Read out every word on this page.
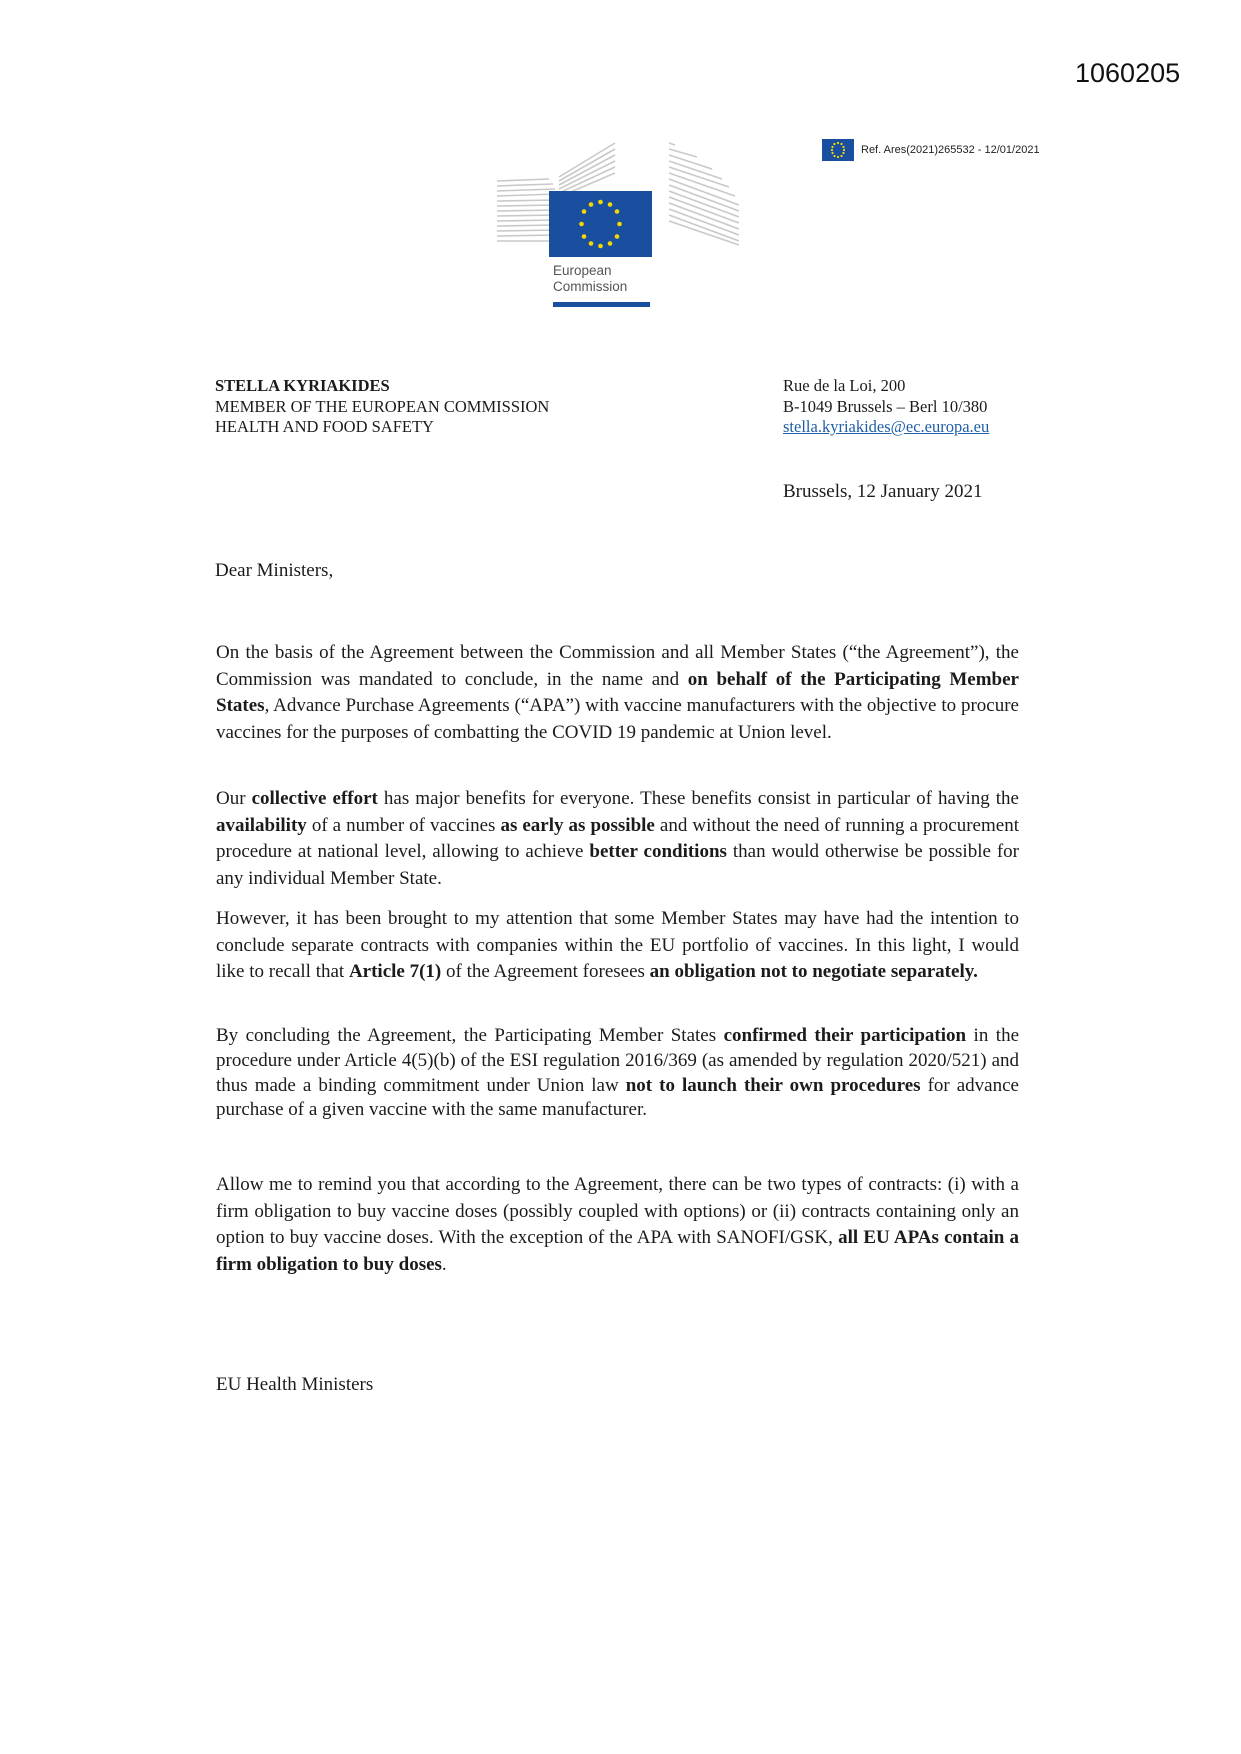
1060205
Ref. Ares(2021)265532 - 12/01/2021
European
Commission
STELLA KYRIAKIDES
MEMBER OF THE EUROPEAN COMMISSION
HEALTH AND FOOD SAFETY
Rue de la Loi, 200
B-1049 Brussels – Berl 10/380
stella.kyriakides@ec.europa.eu
Brussels, 12 January 2021
Dear Ministers,
On the basis of the Agreement between the Commission and all Member States (“the Agreement”), the Commission was mandated to conclude, in the name and on behalf of the Participating Member States, Advance Purchase Agreements (“APA”) with vaccine manufacturers with the objective to procure vaccines for the purposes of combatting the COVID 19 pandemic at Union level.
Our collective effort has major benefits for everyone. These benefits consist in particular of having the availability of a number of vaccines as early as possible and without the need of running a procurement procedure at national level, allowing to achieve better conditions than would otherwise be possible for any individual Member State.
However, it has been brought to my attention that some Member States may have had the intention to conclude separate contracts with companies within the EU portfolio of vaccines. In this light, I would like to recall that Article 7(1) of the Agreement foresees an obligation not to negotiate separately.
By concluding the Agreement, the Participating Member States confirmed their participation in the procedure under Article 4(5)(b) of the ESI regulation 2016/369 (as amended by regulation 2020/521) and thus made a binding commitment under Union law not to launch their own procedures for advance purchase of a given vaccine with the same manufacturer.
Allow me to remind you that according to the Agreement, there can be two types of contracts: (i) with a firm obligation to buy vaccine doses (possibly coupled with options) or (ii) contracts containing only an option to buy vaccine doses. With the exception of the APA with SANOFI/GSK, all EU APAs contain a firm obligation to buy doses.
EU Health Ministers
